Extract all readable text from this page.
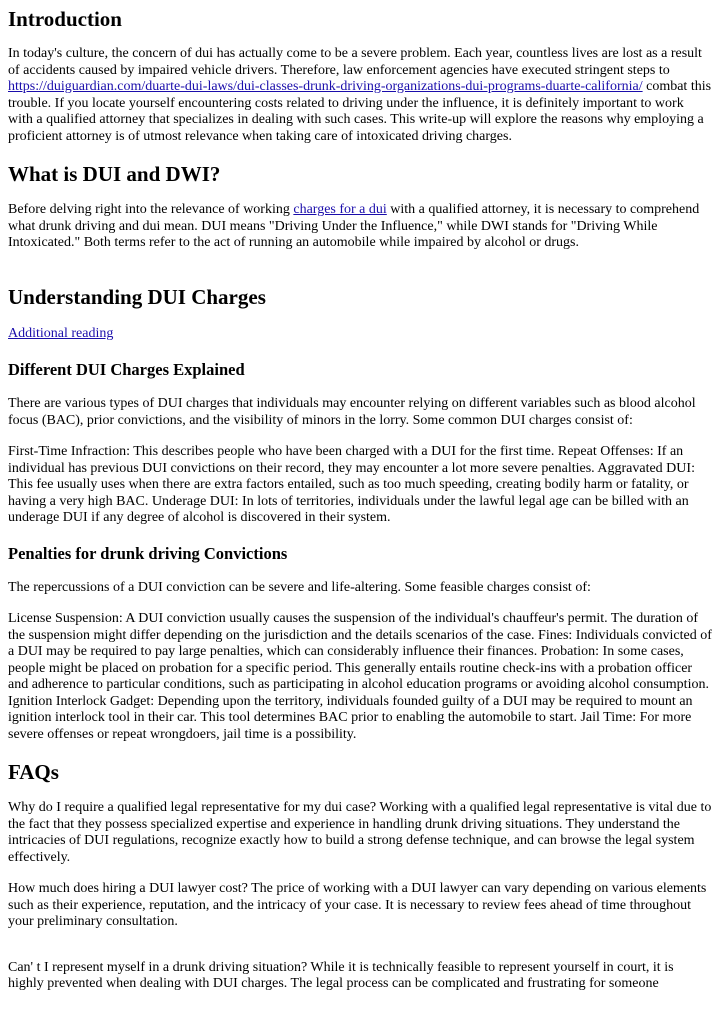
Introduction

In today's culture, the concern of dui has actually come to be a severe problem. Each year, countless lives are lost as a result of accidents caused by impaired vehicle drivers. Therefore, law enforcement agencies have executed stringent steps to https://duiguardian.com/duarte-dui-laws/dui-classes-drunk-driving-organizations-dui-programs-duarte-california/ combat this trouble. If you locate yourself encountering costs related to driving under the influence, it is definitely important to work with a qualified attorney that specializes in dealing with such cases. This write-up will explore the reasons why employing a proficient attorney is of utmost relevance when taking care of intoxicated driving charges.

What is DUI and DWI?

Before delving right into the relevance of working charges for a dui with a qualified attorney, it is necessary to comprehend what drunk driving and dui mean. DUI means "Driving Under the Influence," while DWI stands for "Driving While Intoxicated." Both terms refer to the act of running an automobile while impaired by alcohol or drugs.

Understanding DUI Charges

Additional reading

Different DUI Charges Explained

There are various types of DUI charges that individuals may encounter relying on different variables such as blood alcohol focus (BAC), prior convictions, and the visibility of minors in the lorry. Some common DUI charges consist of:

First-Time Infraction: This describes people who have been charged with a DUI for the first time. Repeat Offenses: If an individual has previous DUI convictions on their record, they may encounter a lot more severe penalties. Aggravated DUI: This fee usually uses when there are extra factors entailed, such as too much speeding, creating bodily harm or fatality, or having a very high BAC. Underage DUI: In lots of territories, individuals under the lawful legal age can be billed with an underage DUI if any degree of alcohol is discovered in their system.

Penalties for drunk driving Convictions

The repercussions of a DUI conviction can be severe and life-altering. Some feasible charges consist of:

License Suspension: A DUI conviction usually causes the suspension of the individual's chauffeur's permit. The duration of the suspension might differ depending on the jurisdiction and the details scenarios of the case. Fines: Individuals convicted of a DUI may be required to pay large penalties, which can considerably influence their finances. Probation: In some cases, people might be placed on probation for a specific period. This generally entails routine check-ins with a probation officer and adherence to particular conditions, such as participating in alcohol education programs or avoiding alcohol consumption. Ignition Interlock Gadget: Depending upon the territory, individuals founded guilty of a DUI may be required to mount an ignition interlock tool in their car. This tool determines BAC prior to enabling the automobile to start. Jail Time: For more severe offenses or repeat wrongdoers, jail time is a possibility.

FAQs

Why do I require a qualified legal representative for my dui case? Working with a qualified legal representative is vital due to the fact that they possess specialized expertise and experience in handling drunk driving situations. They understand the intricacies of DUI regulations, recognize exactly how to build a strong defense technique, and can browse the legal system effectively.

How much does hiring a DUI lawyer cost? The price of working with a DUI lawyer can vary depending on various elements such as their experience, reputation, and the intricacy of your case. It is necessary to review fees ahead of time throughout your preliminary consultation.

Can' t I represent myself in a drunk driving situation? While it is technically feasible to represent yourself in court, it is highly prevented when dealing with DUI charges. The legal process can be complicated and frustrating for someone
